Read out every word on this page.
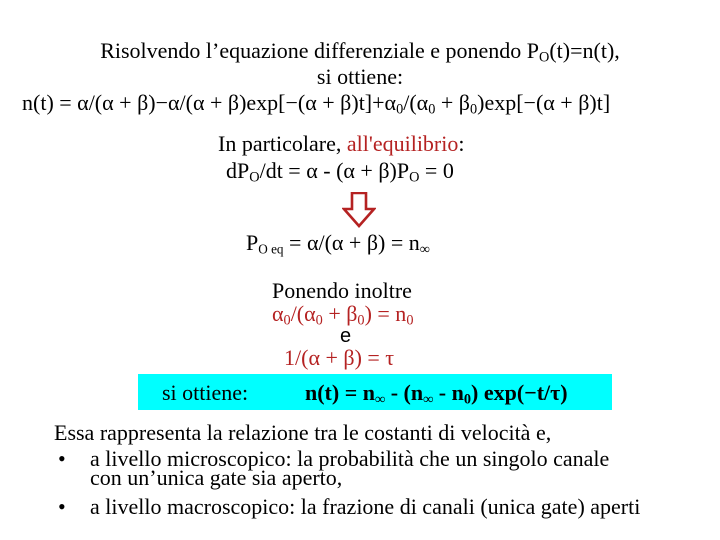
Risolvendo l’equazione differenziale e ponendo $P_O(t)=n(t)$,
si ottiene:
$n(t) = \alpha/(\alpha + \beta)-\alpha/(\alpha + \beta)\exp[-(\alpha + \beta)t]+\alpha_0/(\alpha_0 + \beta_0)\exp[-(\alpha + \beta)t]$
In particolare, all'equilibrio:
$dP_O/dt = \alpha - (\alpha + \beta)P_O = 0$
$P_{O eq} = \alpha/(\alpha + \beta) = n_\infty$
Ponendo inoltre
$\alpha_0/(\alpha_0 + \beta_0) = n_0$
e
1/(α + β) = τ
si ottiene:	$n(t) = n_\infty - (n_\infty - n_0)$ exp(−t/τ)
Essa rappresenta la relazione tra le costanti di velocità e,
• a livello microscopico: la probabilità che un singolo canale
con un’unica gate sia aperto,
• a livello macroscopico: la frazione di canali (unica gate) aperti
